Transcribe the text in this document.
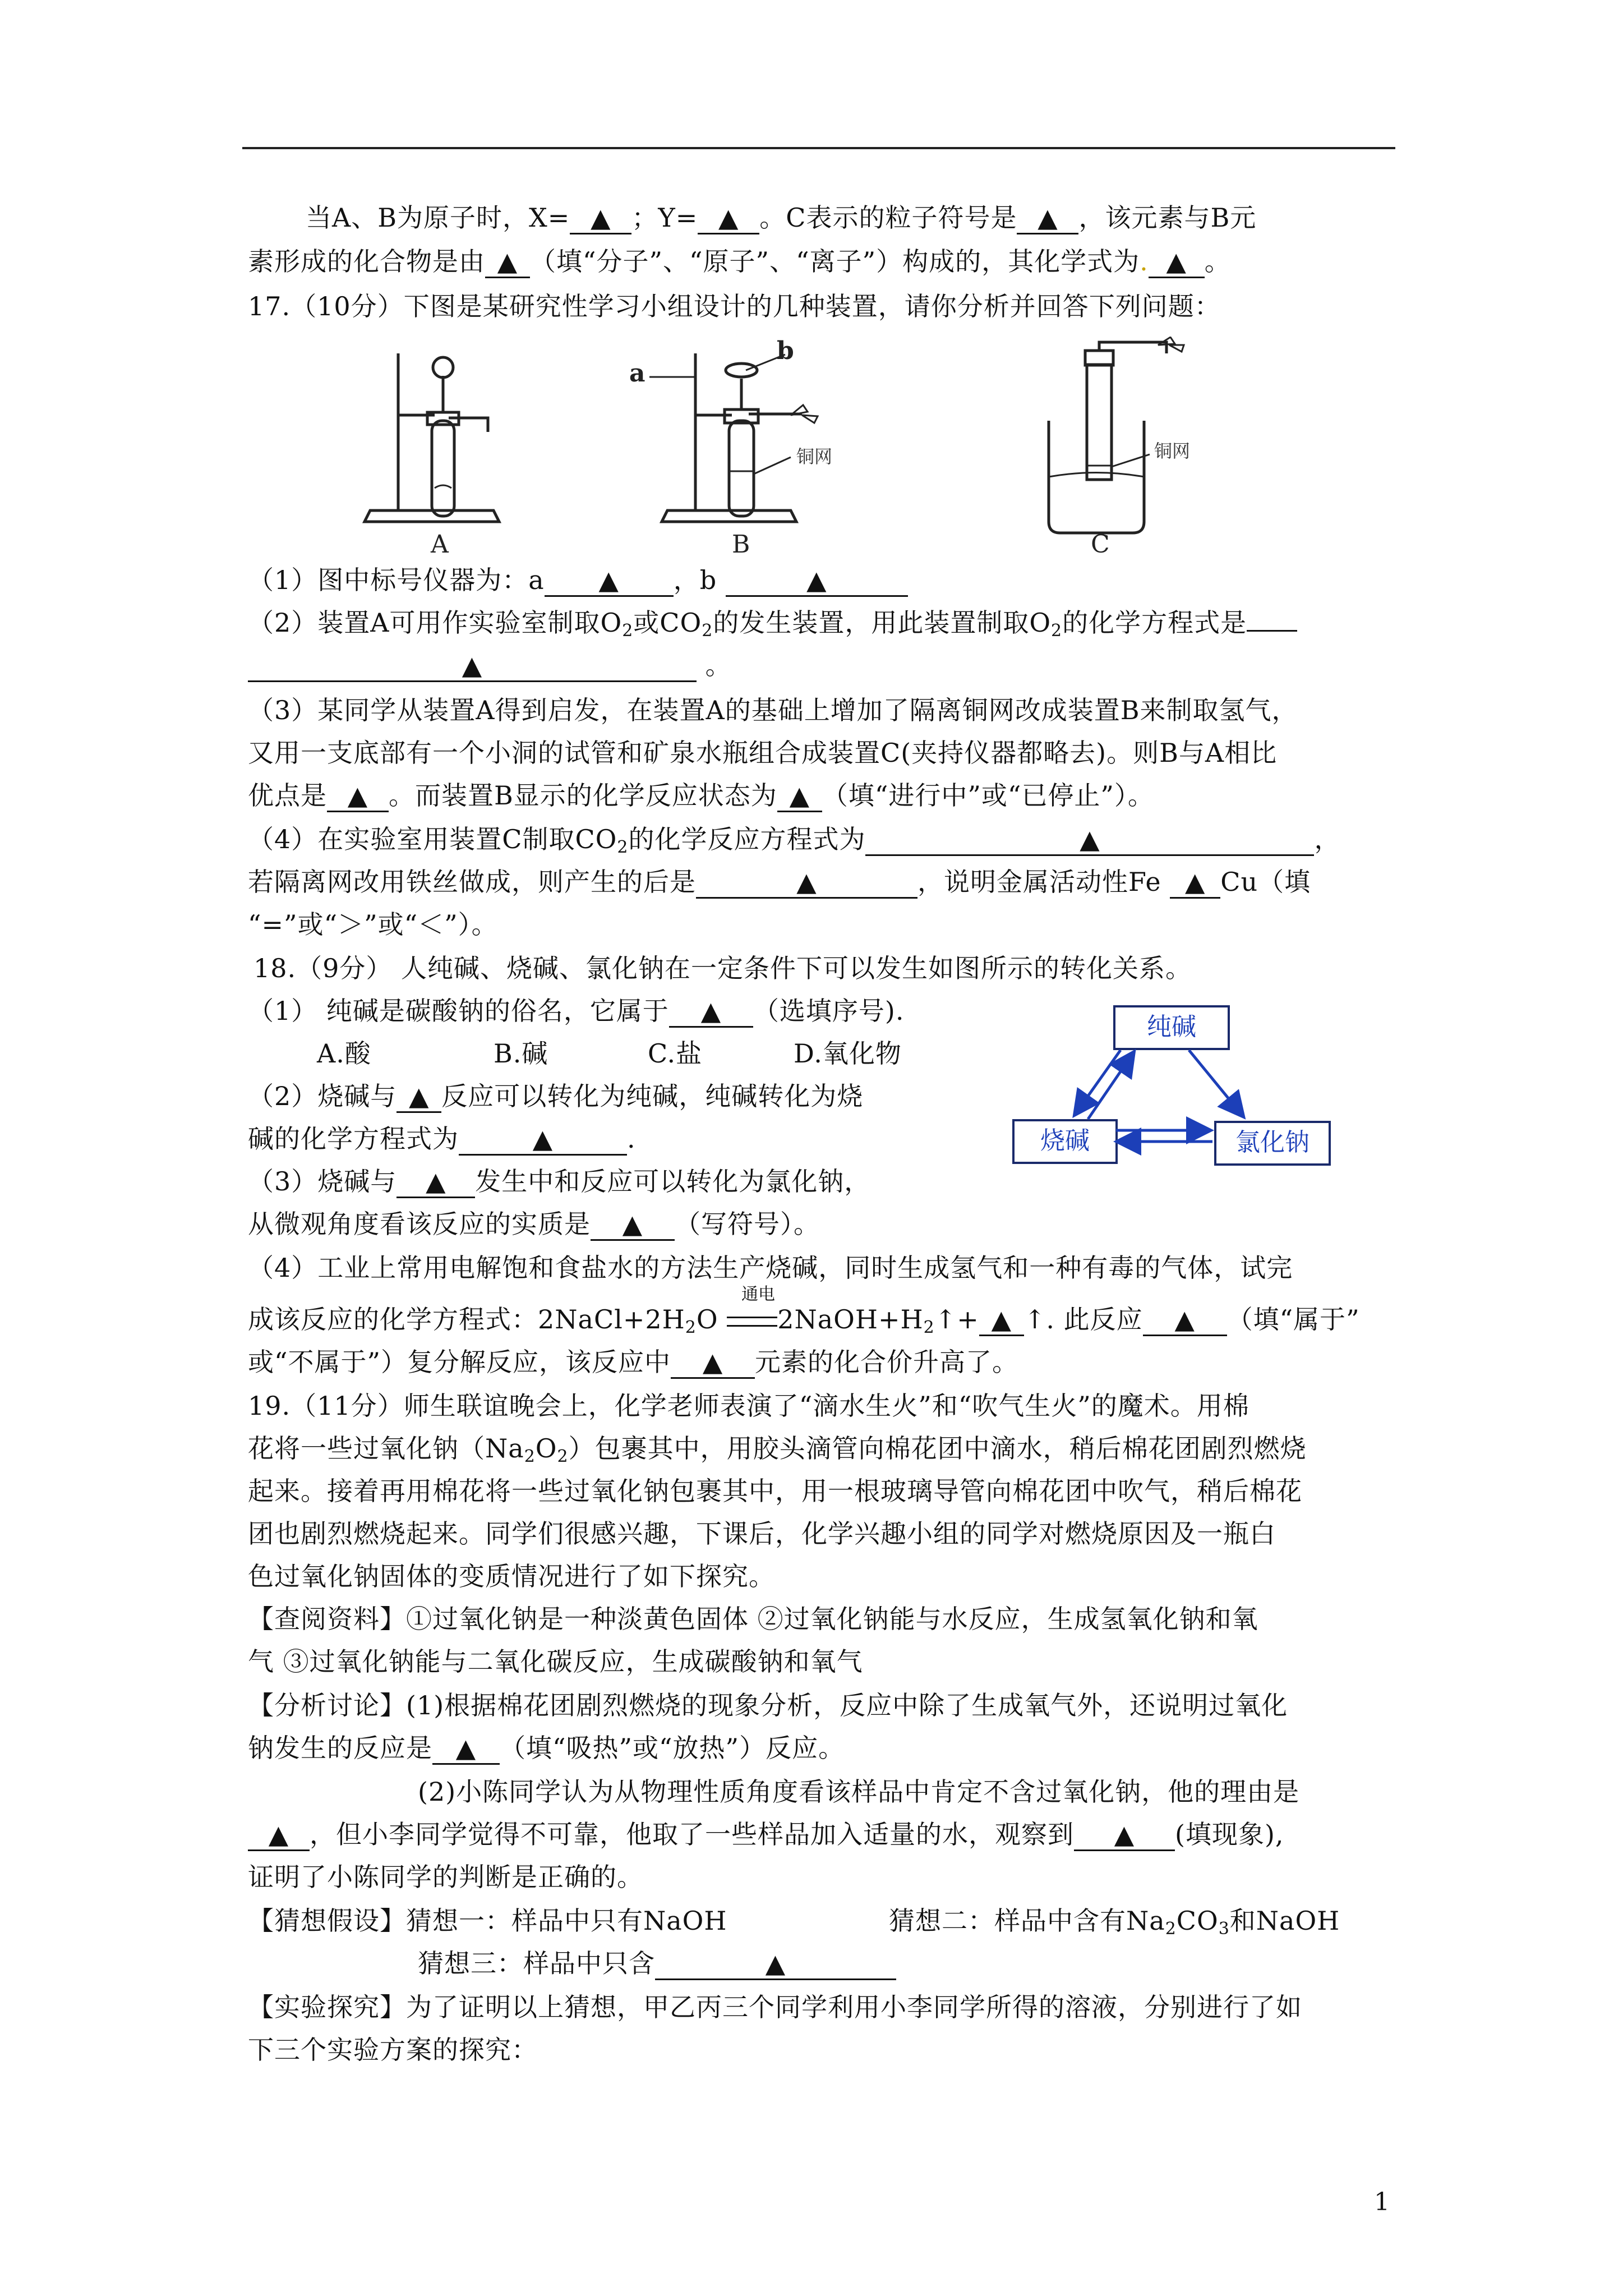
当A、B为原子时，X= ▲ ；Y= ▲ 。C表示的粒子符号是 ▲ ，该元素与B元
素形成的化合物是由 ▲ （填“分子”、“原子”、“离子”）构成的，其化学式为. ▲ 。
17.（10分）下图是某研究性学习小组设计的几种装置，请你分析并回答下列问题：
A	B	C
a
b
铜网	铜网
（1）图中标号仪器为：a ▲ ，b	▲
（2）装置A可用作实验室制取$O_2$或$CO_2$的发生装置，用此装置制取$O_2$的化学方程式是
▲	。
（3）某同学从装置A得到启发，在装置A的基础上增加了隔离铜网改成装置B来制取氢气，
又用一支底部有一个小洞的试管和矿泉水瓶组合成装置C(夹持仪器都略去)。则B与A相比
优点是 ▲ 。而装置B显示的化学反应状态为 ▲ （填“进行中”或“已停止”）。
（4）在实验室用装置C制取$CO_2$的化学反应方程式为	▲	，
若隔离网改用铁丝做成，则产生的后是	▲	，说明金属活动性Fe ▲ Cu（填
“=”或“＞”或“＜”）。
18.（9分） 人纯碱、烧碱、氯化钠在一定条件下可以发生如图所示的转化关系。
（1） 纯碱是碳酸钠的俗名，它属于 ▲ （选填序号).
A.酸	B.碱	C.盐	D.氧化物
（2）烧碱与 ▲ 反应可以转化为纯碱，纯碱转化为烧
碱的化学方程式为	▲	.
（3）烧碱与 ▲ 发生中和反应可以转化为氯化钠，
从微观角度看该反应的实质是 ▲ （写符号）。
纯碱
烧碱	氯化钠
（4）工业上常用电解饱和食盐水的方法生产烧碱，同时生成氢气和一种有毒的气体，试完
通电
成该反应的化学方程式：$2NaCl+2H_2O$ $2NaOH+H_2↑+$ ▲ ↑. 此反应 ▲ （填“属于”
或“不属于”）复分解反应，该反应中 ▲ 元素的化合价升高了。
19.（11分）师生联谊晚会上，化学老师表演了“滴水生火”和“吹气生火”的魔术。用棉
花将一些过氧化钠$(Na_2O_2)$包裹其中，用胶头滴管向棉花团中滴水，稍后棉花团剧烈燃烧
起来。接着再用棉花将一些过氧化钠包裹其中，用一根玻璃导管向棉花团中吹气，稍后棉花
团也剧烈燃烧起来。同学们很感兴趣，下课后，化学兴趣小组的同学对燃烧原因及一瓶白
色过氧化钠固体的变质情况进行了如下探究。
【查阅资料】①过氧化钠是一种淡黄色固体 ②过氧化钠能与水反应，生成氢氧化钠和氧
气 ③过氧化钠能与二氧化碳反应，生成碳酸钠和氧气
【分析讨论】(1)根据棉花团剧烈燃烧的现象分析，反应中除了生成氧气外，还说明过氧化
钠发生的反应是 ▲ （填“吸热”或“放热”）反应。
(2)小陈同学认为从物理性质角度看该样品中肯定不含过氧化钠，他的理由是
▲ ，但小李同学觉得不可靠，他取了一些样品加入适量的水，观察到 ▲ (填现象),
证明了小陈同学的判断是正确的。
【猜想假设】猜想一：样品中只有NaOH	猜想二：样品中含有$Na_2CO_3$和NaOH
猜想三：样品中只含	▲
【实验探究】为了证明以上猜想，甲乙丙三个同学利用小李同学所得的溶液，分别进行了如
下三个实验方案的探究：
1
